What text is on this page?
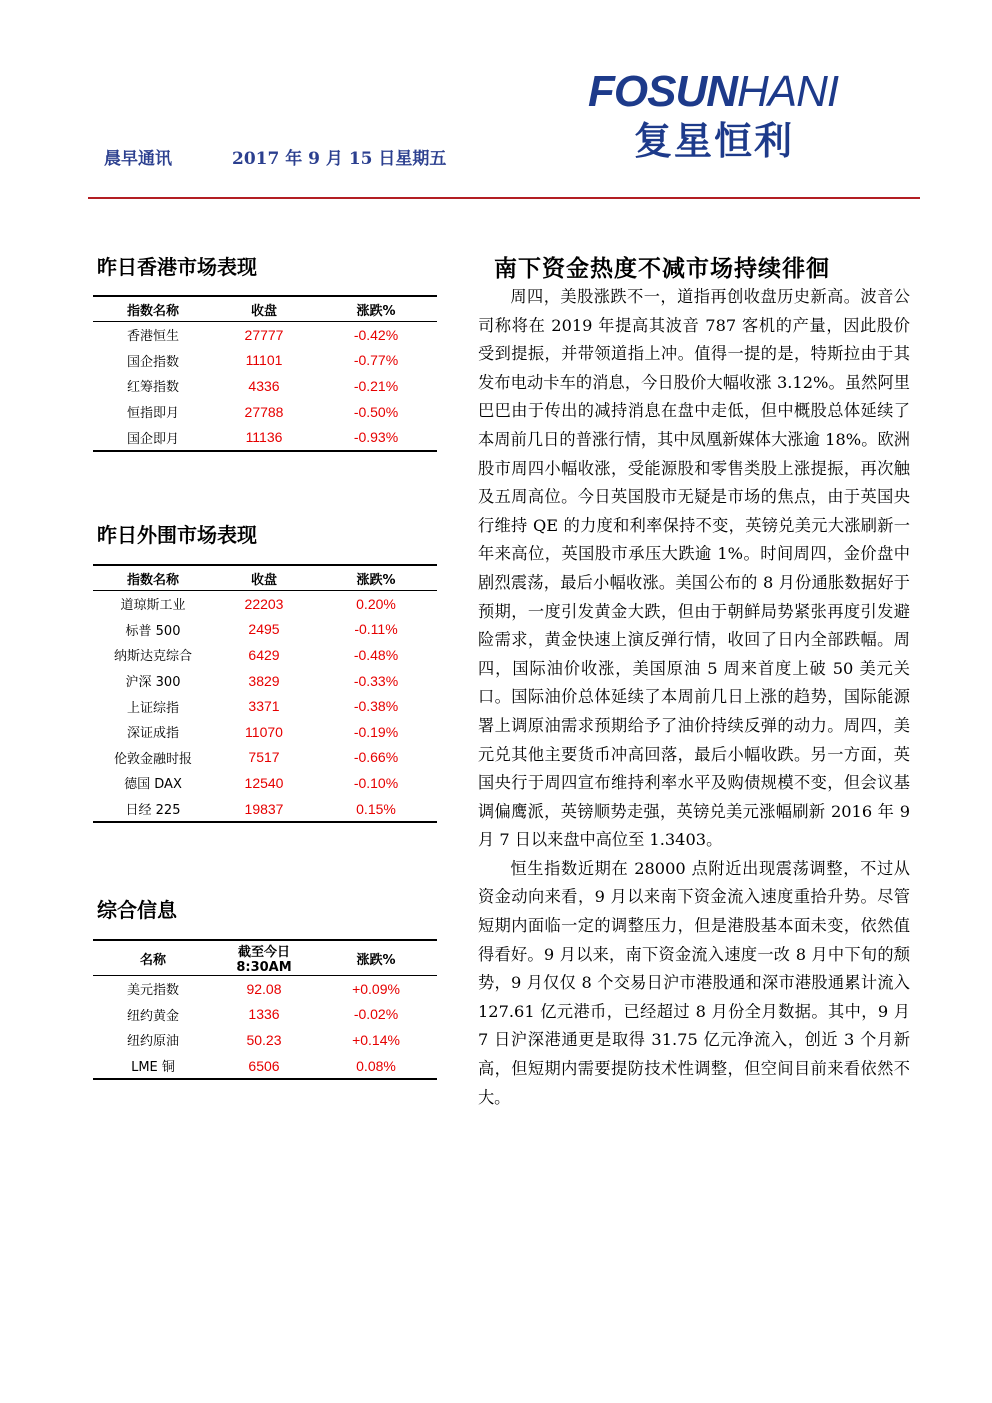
FOSUNHANI
复星恒利
晨早通讯	2017 年 9 月 15 日星期五
昨日香港市场表现
指数名称	收盘	涨跌%
香港恒生	27777	-0.42%
国企指数	11101	-0.77%
红筹指数	4336	-0.21%
恒指即月	27788	-0.50%
国企即月	11136	-0.93%
昨日外围市场表现
指数名称	收盘	涨跌%
道琼斯工业	22203	0.20%
标普 500	2495	-0.11%
纳斯达克综合	6429	-0.48%
沪深 300	3829	-0.33%
上证综指	3371	-0.38%
深证成指	11070	-0.19%
伦敦金融时报	7517	-0.66%
德国 DAX	12540	-0.10%
日经 225	19837	0.15%
综合信息
名称	截至今日 8:30AM	涨跌%
美元指数	92.08	+0.09%
纽约黄金	1336	-0.02%
纽约原油	50.23	+0.14%
LME 铜	6506	0.08%
南下资金热度不减市场持续徘徊

周四，美股涨跌不一，道指再创收盘历史新高。波音公司称将在 2019 年提高其波音 787 客机的产量，因此股价受到提振，并带领道指上冲。值得一提的是，特斯拉由于其发布电动卡车的消息，今日股价大幅收涨 3.12%。虽然阿里巴巴由于传出的减持消息在盘中走低，但中概股总体延续了本周前几日的普涨行情，其中凤凰新媒体大涨逾 18%。欧洲股市周四小幅收涨，受能源股和零售类股上涨提振，再次触及五周高位。今日英国股市无疑是市场的焦点，由于英国央行维持 QE 的力度和利率保持不变，英镑兑美元大涨刷新一年来高位，英国股市承压大跌逾 1%。时间周四，金价盘中剧烈震荡，最后小幅收涨。美国公布的 8 月份通胀数据好于预期，一度引发黄金大跌，但由于朝鲜局势紧张再度引发避险需求，黄金快速上演反弹行情，收回了日内全部跌幅。周四，国际油价收涨，美国原油 5 周来首度上破 50 美元关口。国际油价总体延续了本周前几日上涨的趋势，国际能源署上调原油需求预期给予了油价持续反弹的动力。周四，美元兑其他主要货币冲高回落，最后小幅收跌。另一方面，英国央行于周四宣布维持利率水平及购债规模不变，但会议基调偏鹰派，英镑顺势走强，英镑兑美元涨幅刷新 2016 年 9 月 7 日以来盘中高位至 1.3403。

恒生指数近期在 28000 点附近出现震荡调整，不过从资金动向来看，9 月以来南下资金流入速度重拾升势。尽管短期内面临一定的调整压力，但是港股基本面未变，依然值得看好。9 月以来，南下资金流入速度一改 8 月中下旬的颓势，9 月仅仅 8 个交易日沪市港股通和深市港股通累计流入 127.61 亿元港币，已经超过 8 月份全月数据。其中，9 月 7 日沪深港通更是取得 31.75 亿元净流入，创近 3 个月新高，但短期内需要提防技术性调整，但空间目前来看依然不大。
